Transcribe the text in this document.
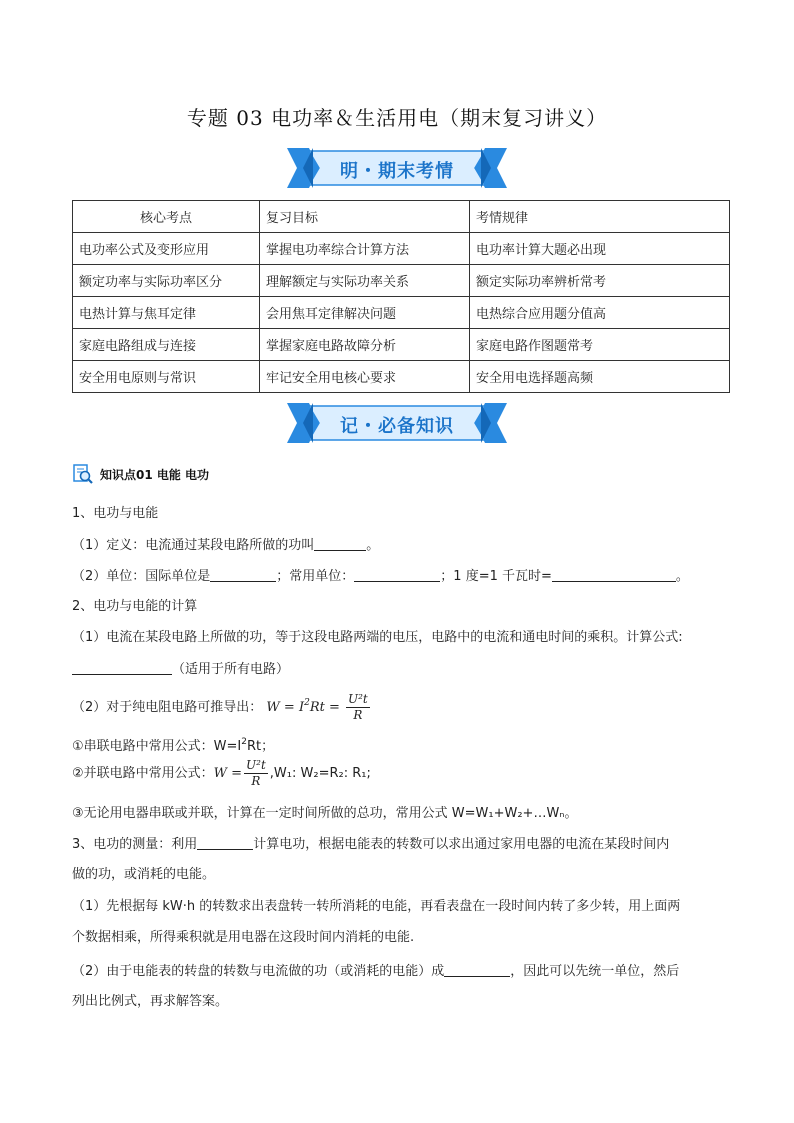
专题 03 电功率＆生活用电（期末复习讲义）
明・期末考情
核心考点	复习目标	考情规律
电功率公式及变形应用	掌握电功率综合计算方法	电功率计算大题必出现
额定功率与实际功率区分	理解额定与实际功率关系	额定实际功率辨析常考
电热计算与焦耳定律	会用焦耳定律解决问题	电热综合应用题分值高
家庭电路组成与连接	掌握家庭电路故障分析	家庭电路作图题常考
安全用电原则与常识	牢记安全用电核心要求	安全用电选择题高频
记・必备知识
知识点01 电能 电功
1、电功与电能
（1）定义：电流通过某段电路所做的功叫	。
（2）单位：国际单位是	；常用单位：	；1 度=1 千瓦时=	。
2、电功与电能的计算
（1）电流在某段电路上所做的功，等于这段电路两端的电压，电路中的电流和通电时间的乘积。计算公式:
（适用于所有电路）
（2）对于纯电阻电路可推导出： $W = I^2Rt = \frac{\text{U²t}}{R}$
①串联电路中常用公式：$W=I^2Rt$；
②并联电路中常用公式：$W = \frac{\text{U²t}}{R} ,W_1$: W₂=R₂: R₁;
③无论用电器串联或并联，计算在一定时间所做的总功，常用公式 W=W₁+W₂+…Wₙ。
3、电功的测量：利用	计算电功，根据电能表的转数可以求出通过家用电器的电流在某段时间内
做的功，或消耗的电能。
（1）先根据每 kW·h 的转数求出表盘转一转所消耗的电能，再看表盘在一段时间内转了多少转，用上面两
个数据相乘，所得乘积就是用电器在这段时间内消耗的电能.
（2）由于电能表的转盘的转数与电流做的功（或消耗的电能）成	，因此可以先统一单位，然后
列出比例式，再求解答案。
